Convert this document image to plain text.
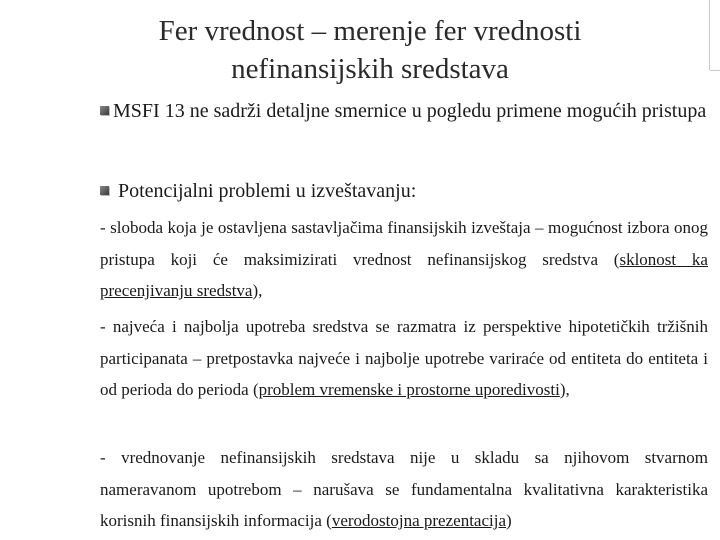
Fer vrednost – merenje fer vrednosti
nefinansijskih sredstava
MSFI 13 ne sadrži detaljne smernice u pogledu primene mogućih pristupa
Potencijalni problemi u izveštavanju:
- sloboda koja je ostavljena sastavljačima finansijskih izveštaja – mogućnost izbora onog pristupa koji će maksimizirati vrednost nefinansijskog sredstva (sklonost ka precenjivanju sredstva),
- najveća i najbolja upotreba sredstva se razmatra iz perspektive hipotetičkih tržišnih participanata – pretpostavka najveće i najbolje upotrebe variraće od entiteta do entiteta i od perioda do perioda (problem vremenske i prostorne uporedivosti),
- vrednovanje nefinansijskih sredstava nije u skladu sa njihovom stvarnom nameravanom upotrebom – narušava se fundamentalna kvalitativna karakteristika korisnih finansijskih informacija (verodostojna prezentacija)
